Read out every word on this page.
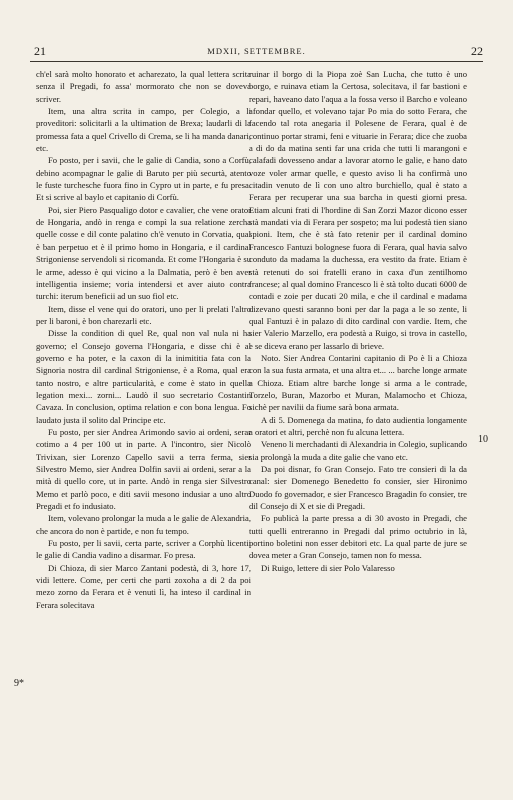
21	MDXII, SETTEMBRE.	22

ch'el sarà molto honorato et acharezato, la qual lettera scrita senza il Pregadi, fo assa' mormorato che non se doveva scriver.

Item, una altra scrita in campo, per Colegio, a li proveditori: solicitarli a la ultimation de Brexa; laudarli di la promessa fata a quel Crivello di Crema, se li ha manda danari, etc.

Fo posto, per i savii, che le galie di Candia, sono a Corfù, debino acompagnar le galie di Baruto per più securtà, atento le fuste turchesche fuora fino in Cypro ut in parte, e fu presa. Et si scrive al baylo et capitanio di Corfù.

Poi, sier Piero Pasqualigo dotor e cavalier, che vene orator de Hongaria, andò in renga e compì la sua relatione zercha quelle cosse e dil conte palatino ch'è venuto in Corvatia, qual è ban perpetuo et è il primo homo in Hongaria, e il cardinal Strigoniense servendoli si ricomanda. Et come l'Hongaria è su le arme, adesso è qui vicino a la Dalmatia, però è ben aver intelligentia insieme; voria intendersi et aver aiuto contra turchi: iterum beneficii ad un suo fiol etc.

Item, disse el vene qui do oratori, uno per li prelati l'altro per li baroni, è bon charezarli etc.

Disse la condition di quel Re, qual non val nula ni ha governo; el Consejo governa l'Hongaria, e disse chi è al governo e ha poter, e la caxon di la inimititia fata con la Signoria nostra dil cardinal Strigoniense, è a Roma, qual era tanto nostro, e altre particularità, e come è stato in quella legation mexi... zorni... Laudò il suo secretario Costantin Cavaza. In conclusion, optima relation e con bona lengua. Fo laudato justa il solito dal Principe etc.

Fu posto, per sier Andrea Arimondo savio ai ordeni, serar cotimo a 4 per 100 ut in parte. A l'incontro, sier Nicolò Trivixan, sier Lorenzo Capello savii a terra ferma, sier Silvestro Memo, sier Andrea Dolfin savii ai ordeni, serar a la mità di quello core, ut in parte. Andò in renga sier Silvestro Memo et parlò poco, e diti savii mesono indusiar a uno altro Pregadi et fo indusiato.

Item, volevano prolongar la muda a le galie de Alexandria, che ancora do non è partide, e non fu tempo.

Fu posto, per li savii, certa parte, scriver a Corphù licentii le galie di Candia vadino a disarmar. Fo presa.

Di Chioza, di sier Marco Zantani podestà, di 3, hore 17, vidi lettere. Come, per certi che parti zoxoha a di 2 da poi mezo zorno da Ferara et è venuti lì, ha inteso il cardinal in Ferara solecitava

ruinar il borgo di la Piopa zoè San Lucha, che tutto è uno borgo, e ruinava etiam la Certosa, solecitava, il far bastioni e repari, haveano dato l'aqua a la fossa verso il Barcho e voleano afondar quello, et volevano tajar Po mia do sotto Ferara, che facendo tal rota anegaria il Polesene de Ferara, qual è de continuo portar strami, feni e vituarie in Ferara; dice che zuoba a di do da matina senti far una crida che tutti li marangoni e calafadi dovesseno andar a lavorar atorno le galie, e hano dato voze voler armar quelle, e questo aviso li ha confirmà uno citadin venuto de lì con uno altro burchiello, qual è stato a Ferara per recuperar una sua barcha in questi giorni presa. Etiam alcuni frati di l'hordine di San Zorzi Mazor dicono esser stà mandati via di Ferara per sospeto; ma lui podestà tien siano spioni. Item, che è stà fato retenir per il cardinal domino Francesco Fantuzi bolognese fuora di Ferara, qual havia salvo conduto da madama la duchessa, era vestito da frate. Etiam è stà retenuti do soi fratelli erano in caxa d'un zentilhomo francese; al qual domino Francesco li è stà tolto ducati 6000 de contadi e zoie per ducati 20 mila, e che il cardinal e madama dizevano questi saranno boni per dar la paga a le so zente, li qual Fantuzi è in palazo di dito cardinal con vardie. Item, che sier Valerio Marzello, era podestà a Ruigo, si trova in castello, e se diceva erano per lassarlo di brieve.

Noto. Sier Andrea Contarini capitanio di Po è li a Chioza con la sua fusta armata, et una altra et... ... barche longe armate a Chioza. Etiam altre barche longe si arma a le contrade, Torzelo, Buran, Mazorbo et Muran, Malamocho et Chioza, sichè per navilii da fiume sarà bona armata.

A dì 5. Domenega da matina, fo dato audientia longamente a oratori et altri, perchè non fu alcuna lettera.

Veneno li merchadanti di Alexandria in Colegio, suplicando sia prolongà la muda a dite galie che vano etc.

Da poi disnar, fo Gran Consejo. Fato tre consieri di la da canal: sier Domenego Benedetto fo consier, sier Hironimo Duodo fo governador, e sier Francesco Bragadin fo consier, tre dil Consejo di X et sie di Pregadi.

Fo publicà la parte pressa a di 30 avosto in Pregadi, che tutti quelli entreranno in Pregadi dal primo octubrio in là, portino boletini non esser debitori etc. La qual parte de jure se dovea meter a Gran Consejo, tamen non fo messa.

Di Ruigo, lettere di sier Polo Valaresso

9*
10
